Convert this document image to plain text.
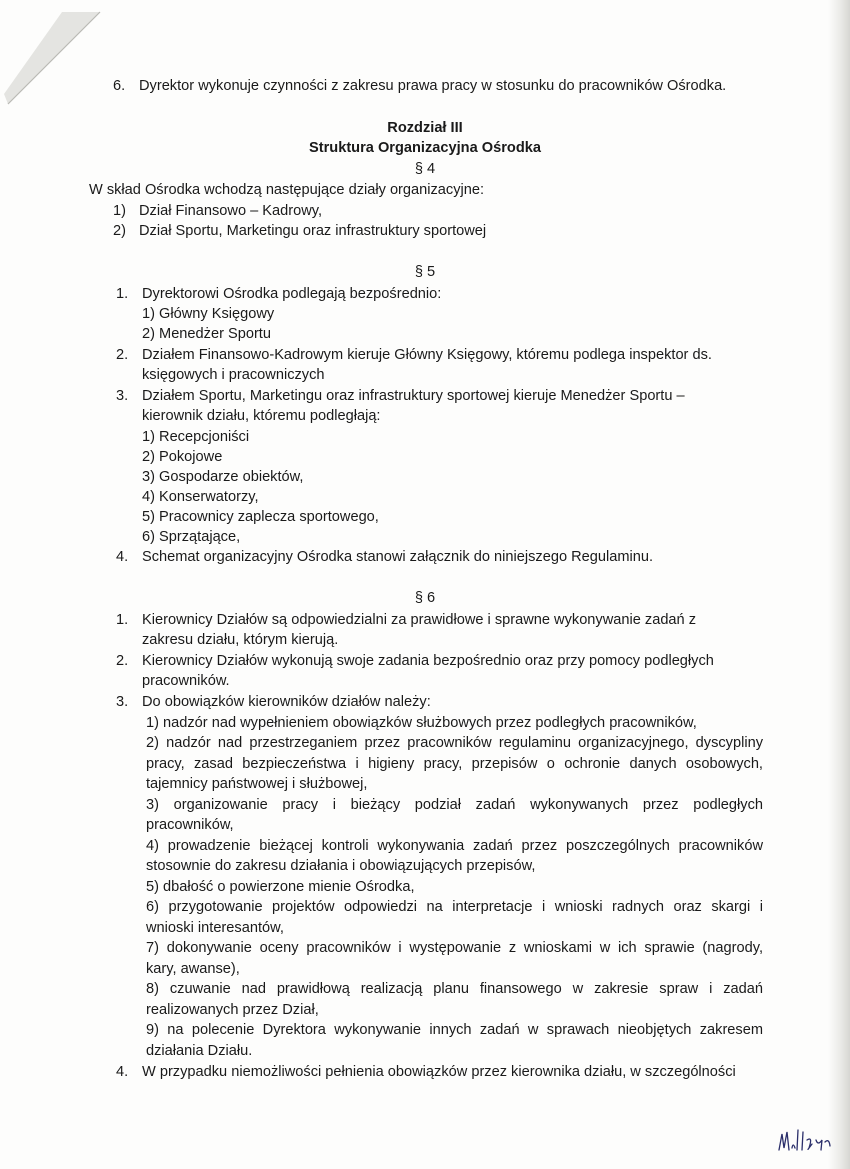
6. Dyrektor wykonuje czynności z zakresu prawa pracy w stosunku do pracowników Ośrodka.
Rozdział III
Struktura Organizacyjna Ośrodka
§ 4
W skład Ośrodka wchodzą następujące działy organizacyjne:
1) Dział Finansowo – Kadrowy,
2) Dział Sportu, Marketingu oraz infrastruktury sportowej
§ 5
1. Dyrektorowi Ośrodka podlegają bezpośrednio:
1) Główny Księgowy
2) Menedżer Sportu
2. Działem Finansowo-Kadrowym kieruje Główny Księgowy, któremu podlega inspektor ds.
księgowych i pracowniczych
3. Działem Sportu, Marketingu oraz infrastruktury sportowej kieruje Menedżer Sportu –
kierownik działu, któremu podległają:
1) Recepcjoniści
2) Pokojowe
3) Gospodarze obiektów,
4) Konserwatorzy,
5) Pracownicy zaplecza sportowego,
6) Sprzątające,
4. Schemat organizacyjny Ośrodka stanowi załącznik do niniejszego Regulaminu.
§ 6
1. Kierownicy Działów są odpowiedzialni za prawidłowe i sprawne wykonywanie zadań z
zakresu działu, którym kierują.
2. Kierownicy Działów wykonują swoje zadania bezpośrednio oraz przy pomocy podległych
pracowników.
3. Do obowiązków kierowników działów należy:
1) nadzór nad wypełnieniem obowiązków służbowych przez podległych pracowników,
2) nadzór nad przestrzeganiem przez pracowników regulaminu organizacyjnego, dyscypliny
pracy, zasad bezpieczeństwa i higieny pracy, przepisów o ochronie danych osobowych,
tajemnicy państwowej i służbowej,
3) organizowanie pracy i bieżący podział zadań wykonywanych przez podległych
pracowników,
4) prowadzenie bieżącej kontroli wykonywania zadań przez poszczególnych pracowników
stosownie do zakresu działania i obowiązujących przepisów,
5) dbałość o powierzone mienie Ośrodka,
6) przygotowanie projektów odpowiedzi na interpretacje i wnioski radnych oraz skargi i
wnioski interesantów,
7) dokonywanie oceny pracowników i występowanie z wnioskami w ich sprawie (nagrody,
kary, awanse),
8) czuwanie nad prawidłową realizacją planu finansowego w zakresie spraw i zadań
realizowanych przez Dział,
9) na polecenie Dyrektora wykonywanie innych zadań w sprawach nieobjętych zakresem
działania Działu.
4. W przypadku niemożliwości pełnienia obowiązków przez kierownika działu, w szczególności
